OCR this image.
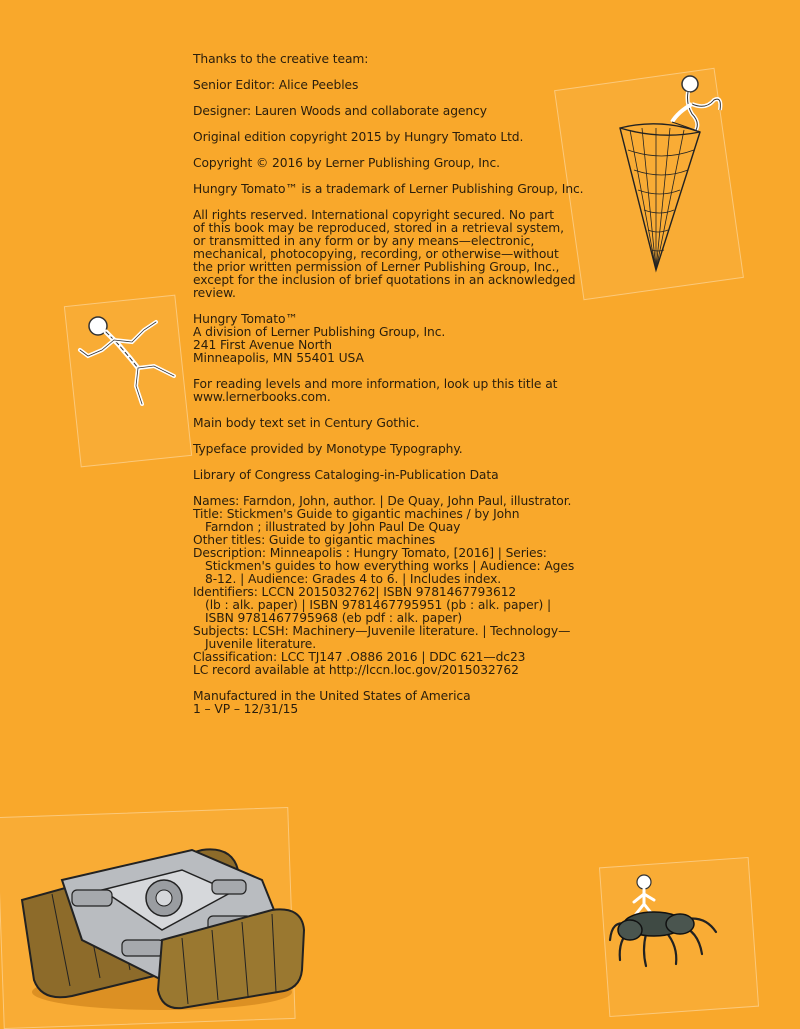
Thanks to the creative team:

Senior Editor: Alice Peebles

Designer: Lauren Woods and collaborate agency

Original edition copyright 2015 by Hungry Tomato Ltd.

Copyright © 2016 by Lerner Publishing Group, Inc.

Hungry Tomato™ is a trademark of Lerner Publishing Group, Inc.

All rights reserved. International copyright secured. No part
of this book may be reproduced, stored in a retrieval system,
or transmitted in any form or by any means—electronic,
mechanical, photocopying, recording, or otherwise—without
the prior written permission of Lerner Publishing Group, Inc.,
except for the inclusion of brief quotations in an acknowledged
review.

Hungry Tomato™
A division of Lerner Publishing Group, Inc.
241 First Avenue North
Minneapolis, MN 55401 USA

For reading levels and more information, look up this title at
www.lernerbooks.com.

Main body text set in Century Gothic.

Typeface provided by Monotype Typography.

Library of Congress Cataloging-in-Publication Data

Names: Farndon, John, author. | De Quay, John Paul, illustrator.
Title: Stickmen's Guide to gigantic machines / by John
Farndon ; illustrated by John Paul De Quay
Other titles: Guide to gigantic machines
Description: Minneapolis : Hungry Tomato, [2016] | Series:
Stickmen's guides to how everything works | Audience: Ages
8-12. | Audience: Grades 4 to 6. | Includes index.
Identifiers: LCCN 2015032762| ISBN 9781467793612
(lb : alk. paper) | ISBN 9781467795951 (pb : alk. paper) |
ISBN 9781467795968 (eb pdf : alk. paper)
Subjects: LCSH: Machinery—Juvenile literature. | Technology—
Juvenile literature.
Classification: LCC TJ147 .O886 2016 | DDC 621—dc23
LC record available at http://lccn.loc.gov/2015032762

Manufactured in the United States of America
1 – VP – 12/31/15
